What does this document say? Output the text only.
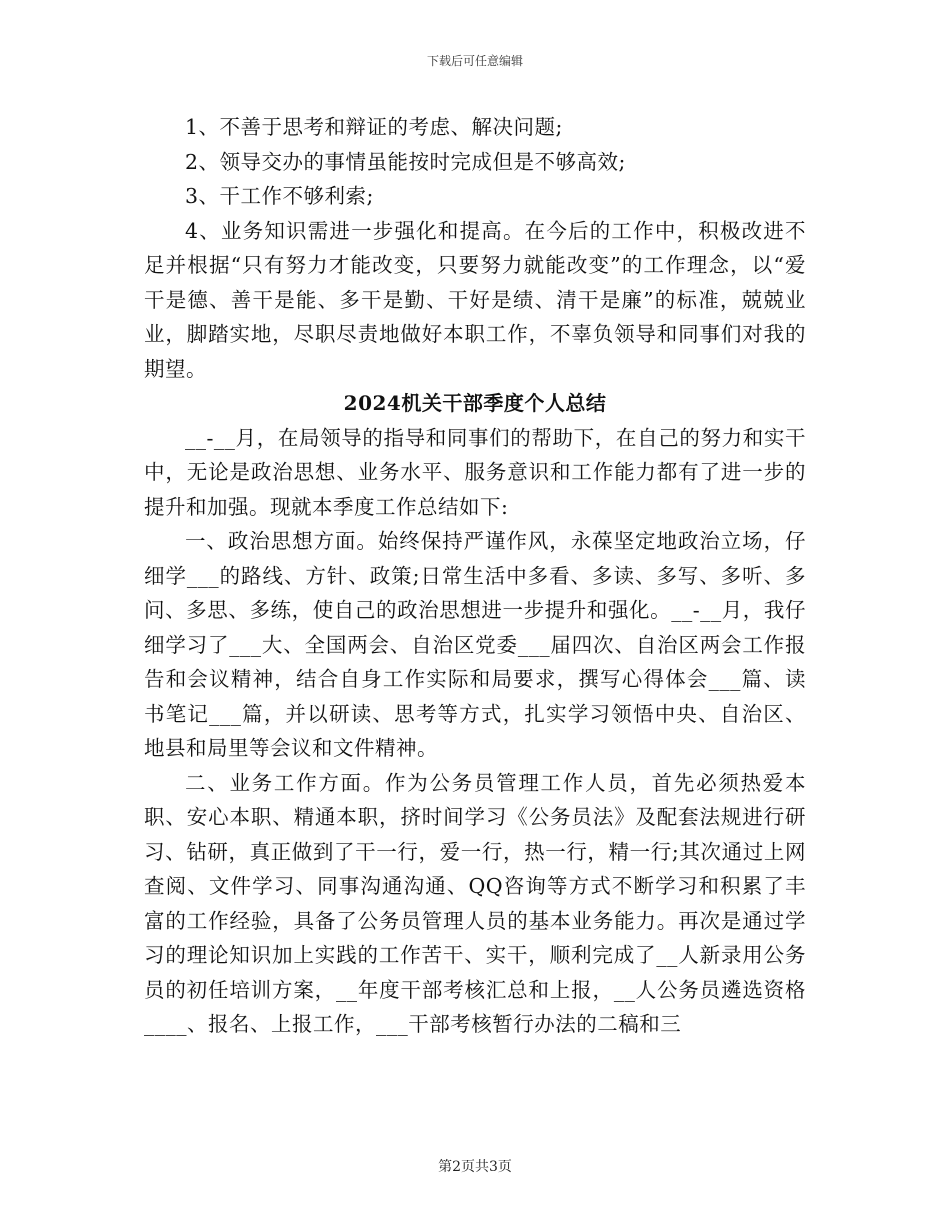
下载后可任意编辑

1、不善于思考和辩证的考虑、解决问题;

2、领导交办的事情虽能按时完成但是不够高效;

3、干工作不够利索;

4、业务知识需进一步强化和提高。在今后的工作中，积极改进不足并根据“只有努力才能改变，只要努力就能改变”的工作理念，以“爱干是德、善干是能、多干是勤、干好是绩、清干是廉”的标准，兢兢业业，脚踏实地，尽职尽责地做好本职工作，不辜负领导和同事们对我的期望。

2024机关干部季度个人总结

__-__月，在局领导的指导和同事们的帮助下，在自己的努力和实干中，无论是政治思想、业务水平、服务意识和工作能力都有了进一步的提升和加强。现就本季度工作总结如下:

一、政治思想方面。始终保持严谨作风，永葆坚定地政治立场，仔细学___的路线、方针、政策;日常生活中多看、多读、多写、多听、多问、多思、多练，使自己的政治思想进一步提升和强化。__-__月，我仔细学习了___大、全国两会、自治区党委___届四次、自治区两会工作报告和会议精神，结合自身工作实际和局要求，撰写心得体会___篇、读书笔记___篇，并以研读、思考等方式，扎实学习领悟中央、自治区、地县和局里等会议和文件精神。

二、业务工作方面。作为公务员管理工作人员，首先必须热爱本职、安心本职、精通本职，挤时间学习《公务员法》及配套法规进行研习、钻研，真正做到了干一行，爱一行，热一行，精一行;其次通过上网查阅、文件学习、同事沟通沟通、QQ咨询等方式不断学习和积累了丰富的工作经验，具备了公务员管理人员的基本业务能力。再次是通过学习的理论知识加上实践的工作苦干、实干，顺利完成了__人新录用公务员的初任培训方案，__年度干部考核汇总和上报，__人公务员遴选资格____、报名、上报工作，___干部考核暂行办法的二稿和三

第2页共3页
